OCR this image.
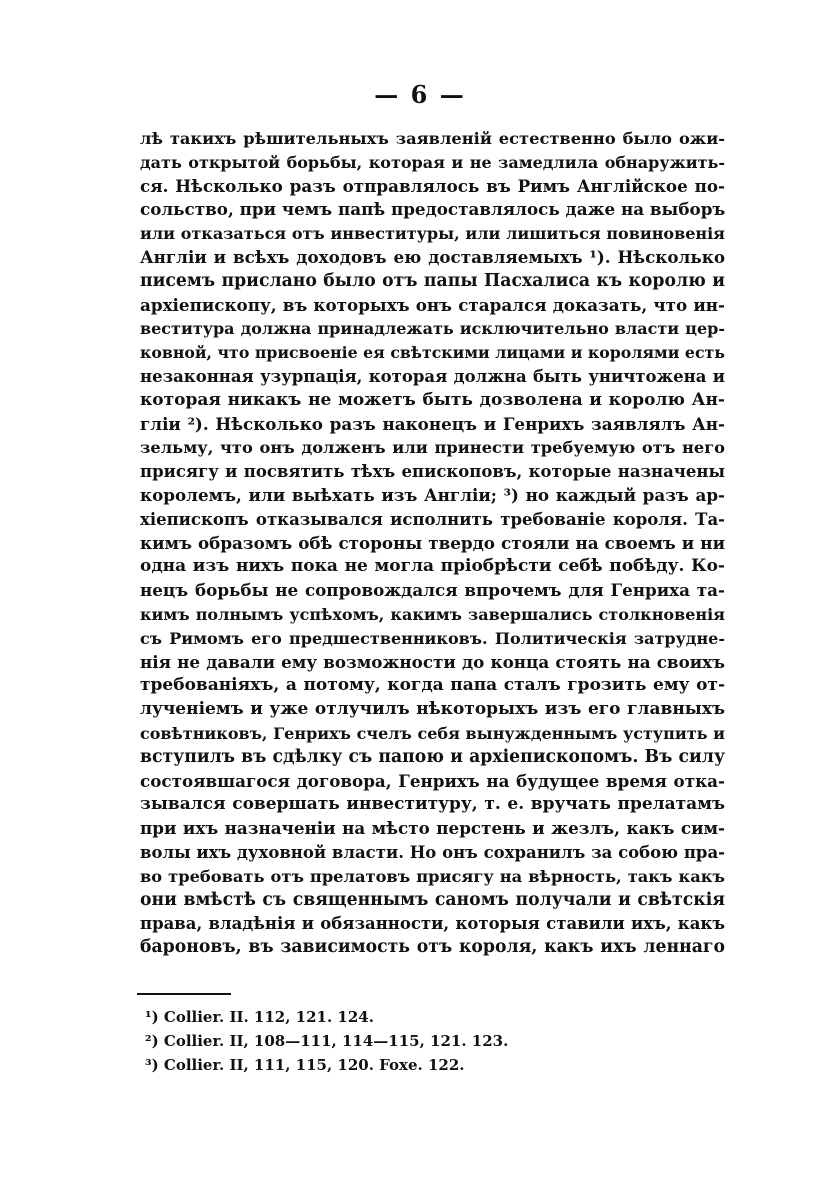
— 6 —
лѣ такихъ рѣшительныхъ заявленій естественно было ожи-
дать открытой борьбы, которая и не замедлила обнаружить-
ся. Нѣсколько разъ отправлялось въ Римъ Англійское по-
сольство, при чемъ папѣ предоставлялось даже на выборъ
или отказаться отъ инвеституры, или лишиться повиновенія
Англіи и всѣхъ доходовъ ею доставляемыхъ ¹). Нѣсколько
писемъ прислано было отъ папы Пасхалиса къ королю и
архіепископу, въ которыхъ онъ старался доказать, что ин-
веститура должна принадлежать исключительно власти цер-
ковной, что присвоеніе ея свѣтскими лицами и королями есть
незаконная узурпація, которая должна быть уничтожена и
которая никакъ не можетъ быть дозволена и королю Ан-
гліи ²). Нѣсколько разъ наконецъ и Генрихъ заявлялъ Ан-
зельму, что онъ долженъ или принести требуемую отъ него
присягу и посвятить тѣхъ епископовъ, которые назначены
королемъ, или выѣхать изъ Англіи; ³) но каждый разъ ар-
хіепископъ отказывался исполнить требованіе короля. Та-
кимъ образомъ обѣ стороны твердо стояли на своемъ и ни
одна изъ нихъ пока не могла пріобрѣсти себѣ побѣду. Ко-
нецъ борьбы не сопровождался впрочемъ для Генриха та-
кимъ полнымъ успѣхомъ, какимъ завершались столкновенія
съ Римомъ его предшественниковъ. Политическія затрудне-
нія не давали ему возможности до конца стоять на своихъ
требованіяхъ, а потому, когда папа сталъ грозить ему от-
лученіемъ и уже отлучилъ нѣкоторыхъ изъ его главныхъ
совѣтниковъ, Генрихъ счелъ себя вынужденнымъ уступить и
вступилъ въ сдѣлку съ папою и архіепископомъ. Въ силу
состоявшагося договора, Генрихъ на будущее время отка-
зывался совершать инвеституру, т. е. вручать прелатамъ
при ихъ назначеніи на мѣсто перстень и жезлъ, какъ сим-
волы ихъ духовной власти. Но онъ сохранилъ за собою пра-
во требовать отъ прелатовъ присягу на вѣрность, такъ какъ
они вмѣстѣ съ священнымъ саномъ получали и свѣтскія
права, владѣнія и обязанности, которыя ставили ихъ, какъ
бароновъ, въ зависимость отъ короля, какъ ихъ леннаго
¹) Collier. II. 112, 121. 124.
²) Collier. II, 108—111, 114—115, 121. 123.
³) Collier. II, 111, 115, 120. Foxe. 122.
